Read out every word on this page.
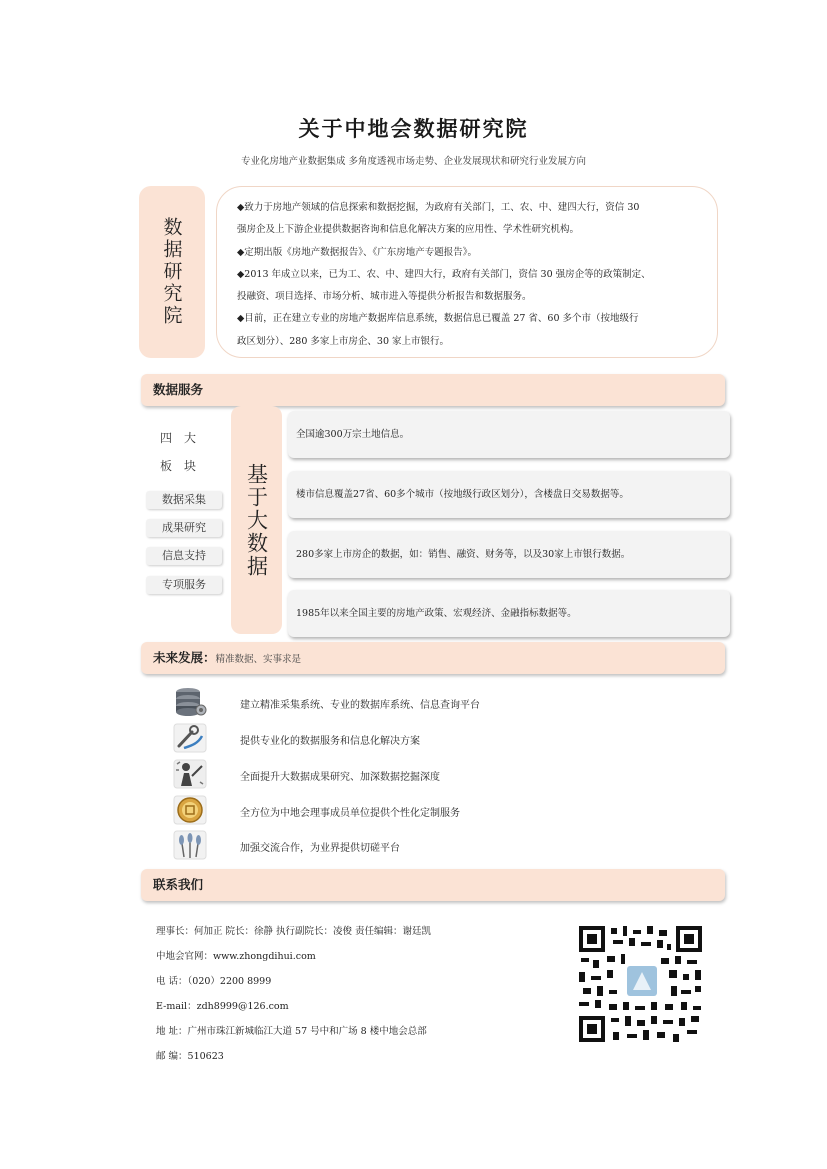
关于中地会数据研究院
专业化房地产业数据集成 多角度透视市场走势、企业发展现状和研究行业发展方向
数据研究院

◆致力于房地产领域的信息探索和数据挖掘，为政府有关部门，工、农、中、建四大行，资信 30

强房企及上下游企业提供数据咨询和信息化解决方案的应用性、学术性研究机构。

◆定期出版《房地产数据报告》、《广东房地产专题报告》。

◆2013 年成立以来，已为工、农、中、建四大行，政府有关部门，资信 30 强房企等的政策制定、

投融资、项目选择、市场分析、城市进入等提供分析报告和数据服务。

◆目前，正在建立专业的房地产数据库信息系统，数据信息已覆盖 27 省、60 多个市（按地级行

政区划分）、280 多家上市房企、30 家上市银行。

数据服务
四大板块
数据采集
成果研究
信息支持
专项服务
基于大数据
全国逾300万宗土地信息。
楼市信息覆盖27省、60多个城市（按地级行政区划分），含楼盘日交易数据等。
280多家上市房企的数据，如：销售、融资、财务等，以及30家上市银行数据。
1985年以来全国主要的房地产政策、宏观经济、金融指标数据等。
未来发展：精准数据、实事求是
建立精准采集系统、专业的数据库系统、信息查询平台
提供专业化的数据服务和信息化解决方案
全面提升大数据成果研究、加深数据挖掘深度
全方位为中地会理事成员单位提供个性化定制服务
加强交流合作，为业界提供切磋平台
联系我们
理事长：何加正 院长：徐静 执行副院长：凌俊 责任编辑：谢廷凯
中地会官网：www.zhongdihui.com
电 话：（020）2200 8999
E-mail：zdh8999@126.com
地 址：广州市珠江新城临江大道 57 号中和广场 8 楼中地会总部
邮 编：510623
